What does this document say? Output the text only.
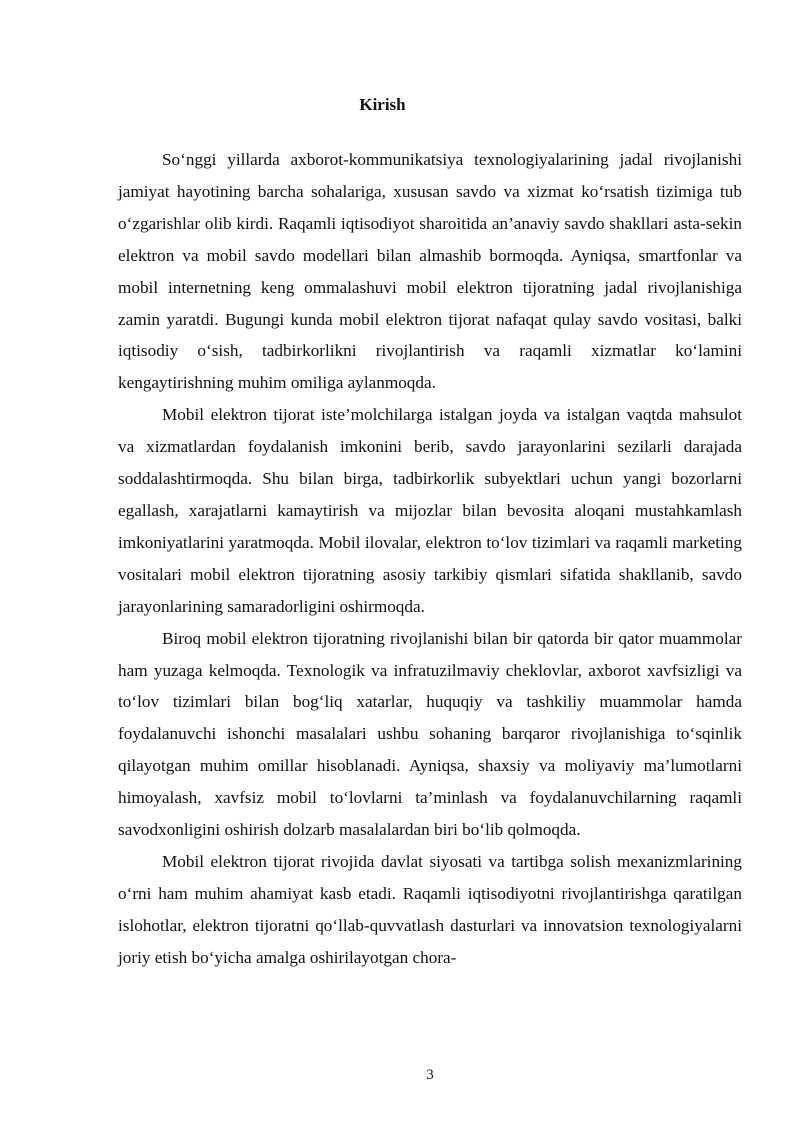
Kirish

So‘nggi yillarda axborot-kommunikatsiya texnologiyalarining jadal rivojlanishi jamiyat hayotining barcha sohalariga, xususan savdo va xizmat ko‘rsatish tizimiga tub o‘zgarishlar olib kirdi. Raqamli iqtisodiyot sharoitida an’anaviy savdo shakllari asta-sekin elektron va mobil savdo modellari bilan almashib bormoqda. Ayniqsa, smartfonlar va mobil internetning keng ommalashuvi mobil elektron tijoratning jadal rivojlanishiga zamin yaratdi. Bugungi kunda mobil elektron tijorat nafaqat qulay savdo vositasi, balki iqtisodiy o‘sish, tadbirkorlikni rivojlantirish va raqamli xizmatlar ko‘lamini kengaytirishning muhim omiliga aylanmoqda.

Mobil elektron tijorat iste’molchilarga istalgan joyda va istalgan vaqtda mahsulot va xizmatlardan foydalanish imkonini berib, savdo jarayonlarini sezilarli darajada soddalashtirmoqda. Shu bilan birga, tadbirkorlik subyektlari uchun yangi bozorlarni egallash, xarajatlarni kamaytirish va mijozlar bilan bevosita aloqani mustahkamlash imkoniyatlarini yaratmoqda. Mobil ilovalar, elektron to‘lov tizimlari va raqamli marketing vositalari mobil elektron tijoratning asosiy tarkibiy qismlari sifatida shakllanib, savdo jarayonlarining samaradorligini oshirmoqda.

Biroq mobil elektron tijoratning rivojlanishi bilan bir qatorda bir qator muammolar ham yuzaga kelmoqda. Texnologik va infratuzilmaviy cheklovlar, axborot xavfsizligi va to‘lov tizimlari bilan bog‘liq xatarlar, huquqiy va tashkiliy muammolar hamda foydalanuvchi ishonchi masalalari ushbu sohaning barqaror rivojlanishiga to‘sqinlik qilayotgan muhim omillar hisoblanadi. Ayniqsa, shaxsiy va moliyaviy ma’lumotlarni himoyalash, xavfsiz mobil to‘lovlarni ta’minlash va foydalanuvchilarning raqamli savodxonligini oshirish dolzarb masalalardan biri bo‘lib qolmoqda.

Mobil elektron tijorat rivojida davlat siyosati va tartibga solish mexanizmlarining o‘rni ham muhim ahamiyat kasb etadi. Raqamli iqtisodiyotni rivojlantirishga qaratilgan islohotlar, elektron tijoratni qo‘llab-quvvatlash dasturlari va innovatsion texnologiyalarni joriy etish bo‘yicha amalga oshirilayotgan chora-

3
